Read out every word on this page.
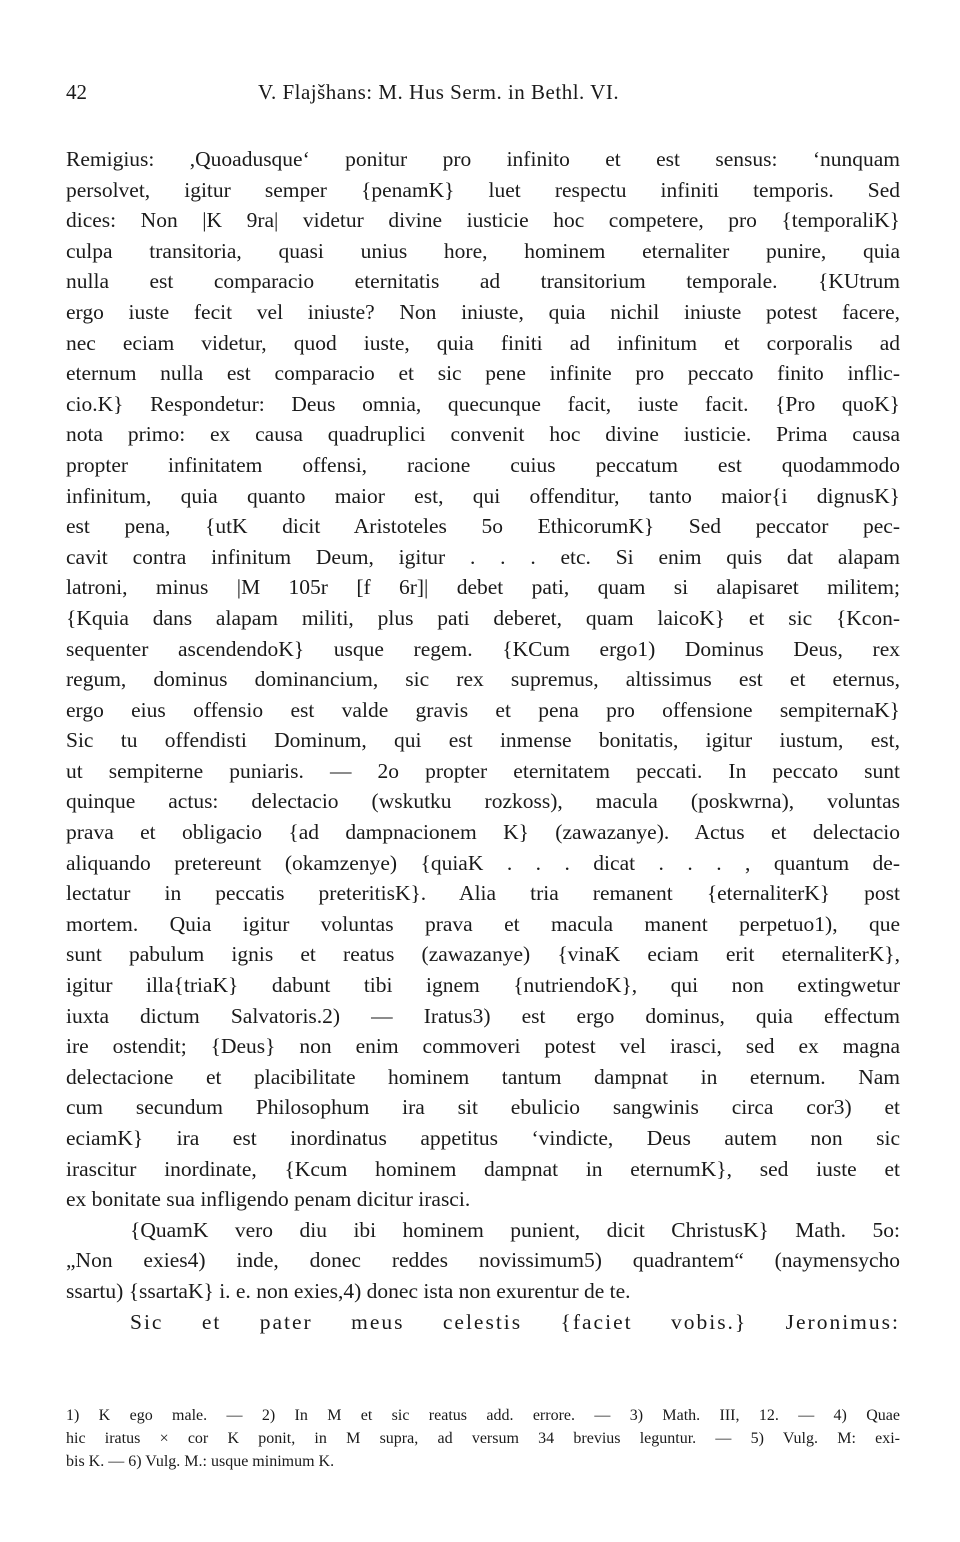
42	V. Flajšhans: M. Hus Serm. in Bethl. VI.
Remigius: ,Quoadusque‘ ponitur pro infinito et est sensus: ‘nunquam
persolvet, igitur semper {penamK} luet respectu infiniti temporis. Sed
dices: Non |K 9ra| videtur divine iusticie hoc competere, pro {temporaliK}
culpa transitoria, quasi unius hore, hominem eternaliter punire, quia
nulla est comparacio eternitatis ad transitorium temporale. {KUtrum
ergo iuste fecit vel iniuste? Non iniuste, quia nichil iniuste potest facere,
nec eciam videtur, quod iuste, quia finiti ad infinitum et corporalis ad
eternum nulla est comparacio et sic pene infinite pro peccato finito inflic-
cio.K} Respondetur: Deus omnia, quecunque facit, iuste facit. {Pro quoK}
nota primo: ex causa quadruplici convenit hoc divine iusticie. Prima causa
propter infinitatem offensi, racione cuius peccatum est quodammodo
infinitum, quia quanto maior est, qui offenditur, tanto maior{i dignusK}
est pena, {utK dicit Aristoteles 5o EthicorumK} Sed peccator pec-
cavit contra infinitum Deum, igitur . . . etc. Si enim quis dat alapam
latroni, minus |M 105r [f 6r]| debet pati, quam si alapisaret militem;
{Kquia dans alapam militi, plus pati deberet, quam laicoK} et sic {Kcon-
sequenter ascendendoK} usque regem. {KCum ergo1) Dominus Deus, rex
regum, dominus dominancium, sic rex supremus, altissimus est et eternus,
ergo eius offensio est valde gravis et pena pro offensione sempiternaK}
Sic tu offendisti Dominum, qui est inmense bonitatis, igitur iustum, est,
ut sempiterne puniaris. — 2o propter eternitatem peccati. In peccato sunt
quinque actus: delectacio (wskutku rozkoss), macula (poskwrna), voluntas
prava et obligacio {ad dampnacionem K} (zawazanye). Actus et delectacio
aliquando pretereunt (okamzenye) {quiaK . . . dicat . . . , quantum de-
lectatur in peccatis preteritisK}. Alia tria remanent {eternaliterK} post
mortem. Quia igitur voluntas prava et macula manent perpetuo1), que
sunt pabulum ignis et reatus (zawazanye) {vinaK eciam erit eternaliterK},
igitur illa{triaK} dabunt tibi ignem {nutriendoK}, qui non extingwetur
iuxta dictum Salvatoris.2) — Iratus3) est ergo dominus, quia effectum
ire ostendit; {Deus} non enim commoveri potest vel irasci, sed ex magna
delectacione et placibilitate hominem tantum dampnat in eternum. Nam
cum secundum Philosophum ira sit ebulicio sangwinis circa cor3) et
eciamK} ira est inordinatus appetitus ‘vindicte, Deus autem non sic
irascitur inordinate, {Kcum hominem dampnat in eternumK}, sed iuste et
ex bonitate sua infligendo penam dicitur irasci.
{QuamK vero diu ibi hominem punient, dicit ChristusK} Math. 5o:
„Non exies4) inde, donec reddes novissimum5) quadrantem“ (naymensycho
ssartu) {ssartaK} i. e. non exies,4) donec ista non exurentur de te.
Sic et pater meus celestis {faciet vobis.} Jeronimus:
1) K ego male. — 2) In M et sic reatus add. errore. — 3) Math. III, 12. — 4) Quae
hic iratus × cor K ponit, in M supra, ad versum 34 brevius leguntur. — 5) Vulg. M: exi-
bis K. — 6) Vulg. M.: usque minimum K.
